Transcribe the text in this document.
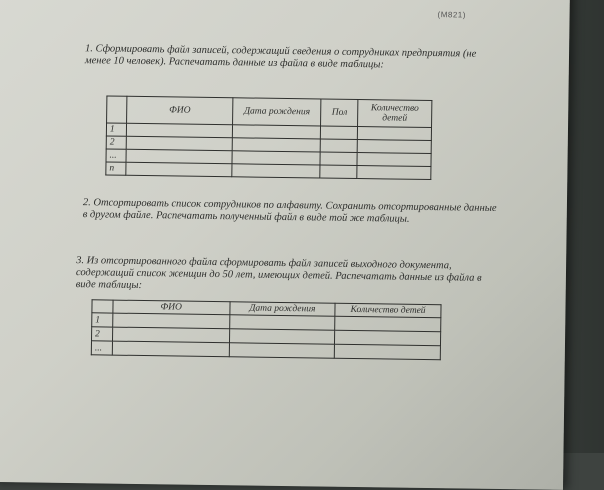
(М821)
1. Сформировать файл записей, содержащий сведения о сотрудниках предприятия (не менее 10 человек). Распечатать данные из файла в виде таблицы:
	ФИО	Дата рождения	Пол	Количество детей
1				
2				
...				
n				
2. Отсортировать список сотрудников по алфавиту. Сохранить отсортированные данные в другом файле. Распечатать полученный файл в виде той же таблицы.
3. Из отсортированного файла сформировать файл записей выходного документа, содержащий список женщин до 50 лет, имеющих детей. Распечатать данные из файла в виде таблицы:
	ФИО	Дата рождения	Количество детей
1			
2			
...			
